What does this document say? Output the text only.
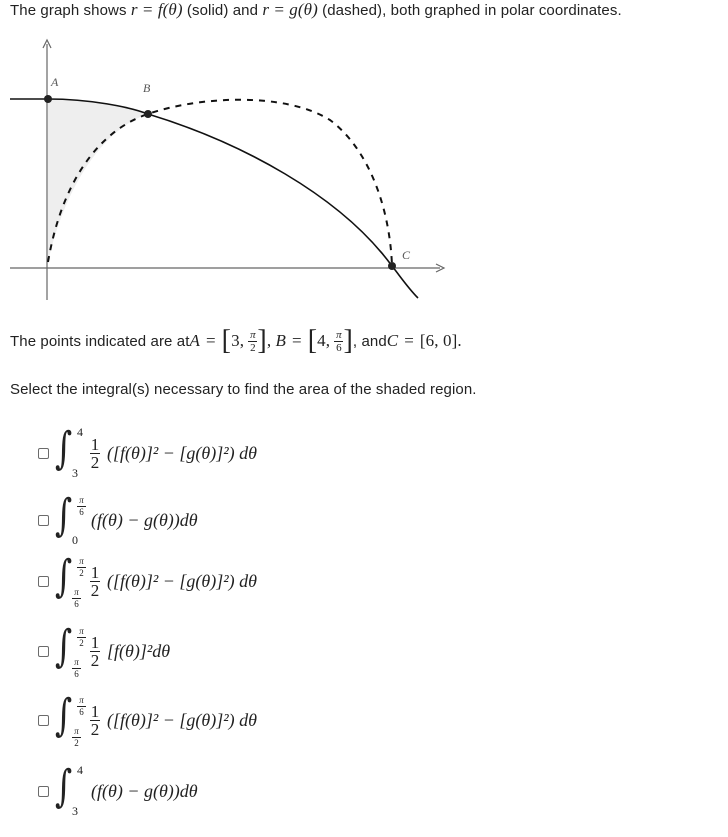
The graph shows r = f(θ) (solid) and r = g(θ) (dashed), both graphed in polar coordinates.
A	B
C
The points indicated are at A = [ 3 , π
2 ] , B = [ 4 , π
6 ] , and C = [6, 0].
Select the integral(s) necessary to find the area of the shaded region.
∫ 4
3
1
2 ([f(θ)]² − [g(θ)]²) dθ
∫ $\frac{\pi}{6}$
0
(f(θ) − g(θ))dθ
∫ $\frac{\pi}{2}$
$\frac{\pi}{6}$
1
2 ([f(θ)]² − [g(θ)]²) dθ
∫ $\frac{\pi}{2}$
$\frac{\pi}{6}$
1
2 [f(θ)]²dθ
∫ $\frac{\pi}{6}$
$\frac{\pi}{2}$
1
2 ([f(θ)]² − [g(θ)]²) dθ
∫ 4
3
(f(θ) − g(θ))dθ
